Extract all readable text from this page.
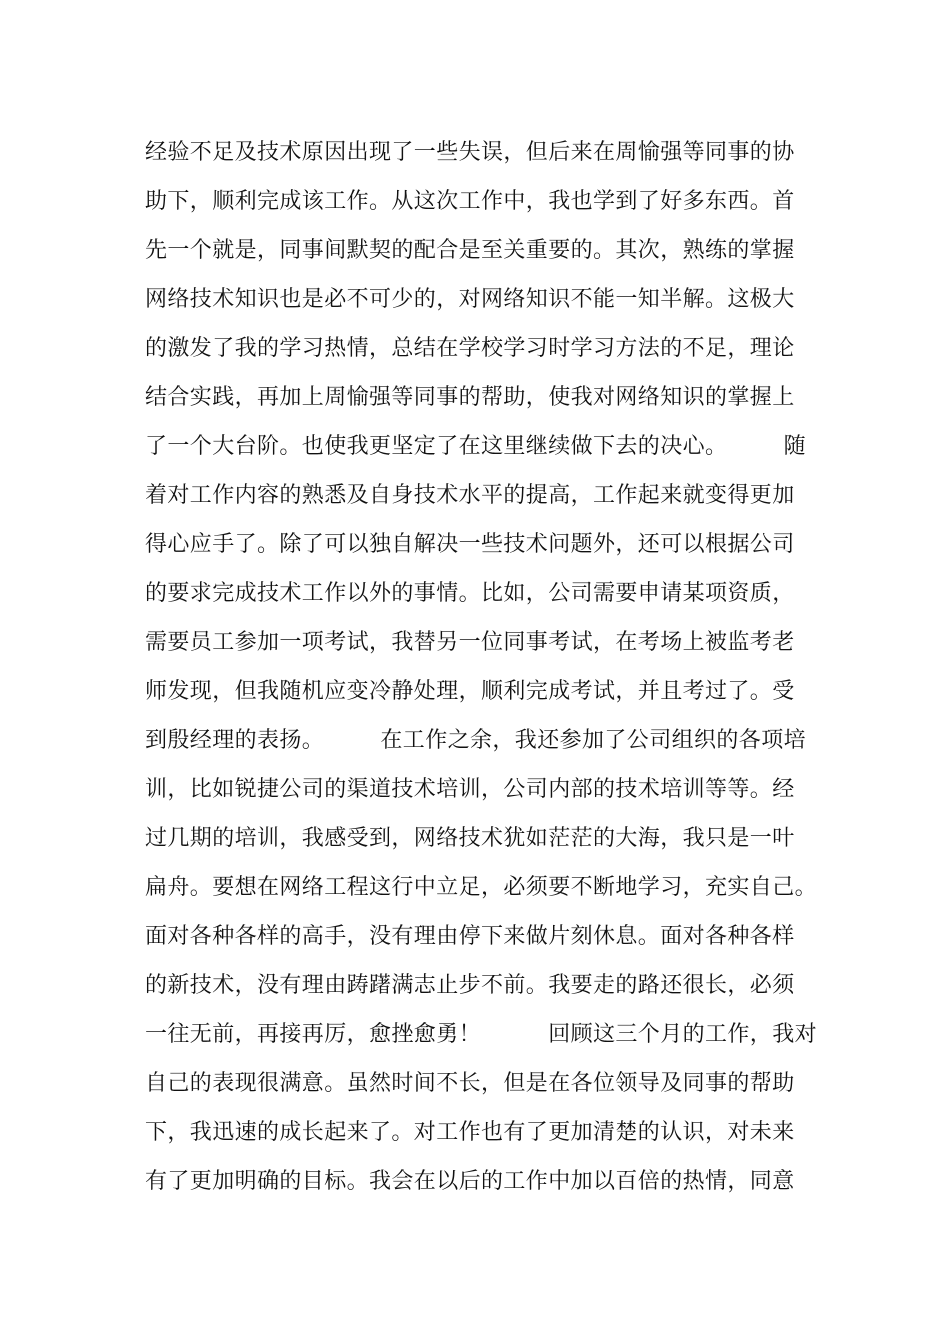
经验不足及技术原因出现了一些失误，但后来在周愉强等同事的协
助下，顺利完成该工作。从这次工作中，我也学到了好多东西。首
先一个就是，同事间默契的配合是至关重要的。其次，熟练的掌握
网络技术知识也是必不可少的，对网络知识不能一知半解。这极大
的激发了我的学习热情，总结在学校学习时学习方法的不足，理论
结合实践，再加上周愉强等同事的帮助，使我对网络知识的掌握上
了一个大台阶。也使我更坚定了在这里继续做下去的决心。　　　随
着对工作内容的熟悉及自身技术水平的提高，工作起来就变得更加
得心应手了。除了可以独自解决一些技术问题外，还可以根据公司
的要求完成技术工作以外的事情。比如，公司需要申请某项资质，
需要员工参加一项考试，我替另一位同事考试，在考场上被监考老
师发现，但我随机应变冷静处理，顺利完成考试，并且考过了。受
到殷经理的表扬。　　　在工作之余，我还参加了公司组织的各项培
训，比如锐捷公司的渠道技术培训，公司内部的技术培训等等。经
过几期的培训，我感受到，网络技术犹如茫茫的大海，我只是一叶
扁舟。要想在网络工程这行中立足，必须要不断地学习，充实自己。
面对各种各样的高手，没有理由停下来做片刻休息。面对各种各样
的新技术，没有理由踌躇满志止步不前。我要走的路还很长，必须
一往无前，再接再厉，愈挫愈勇！　　　回顾这三个月的工作，我对
自己的表现很满意。虽然时间不长，但是在各位领导及同事的帮助
下，我迅速的成长起来了。对工作也有了更加清楚的认识，对未来
有了更加明确的目标。我会在以后的工作中加以百倍的热情，同意
